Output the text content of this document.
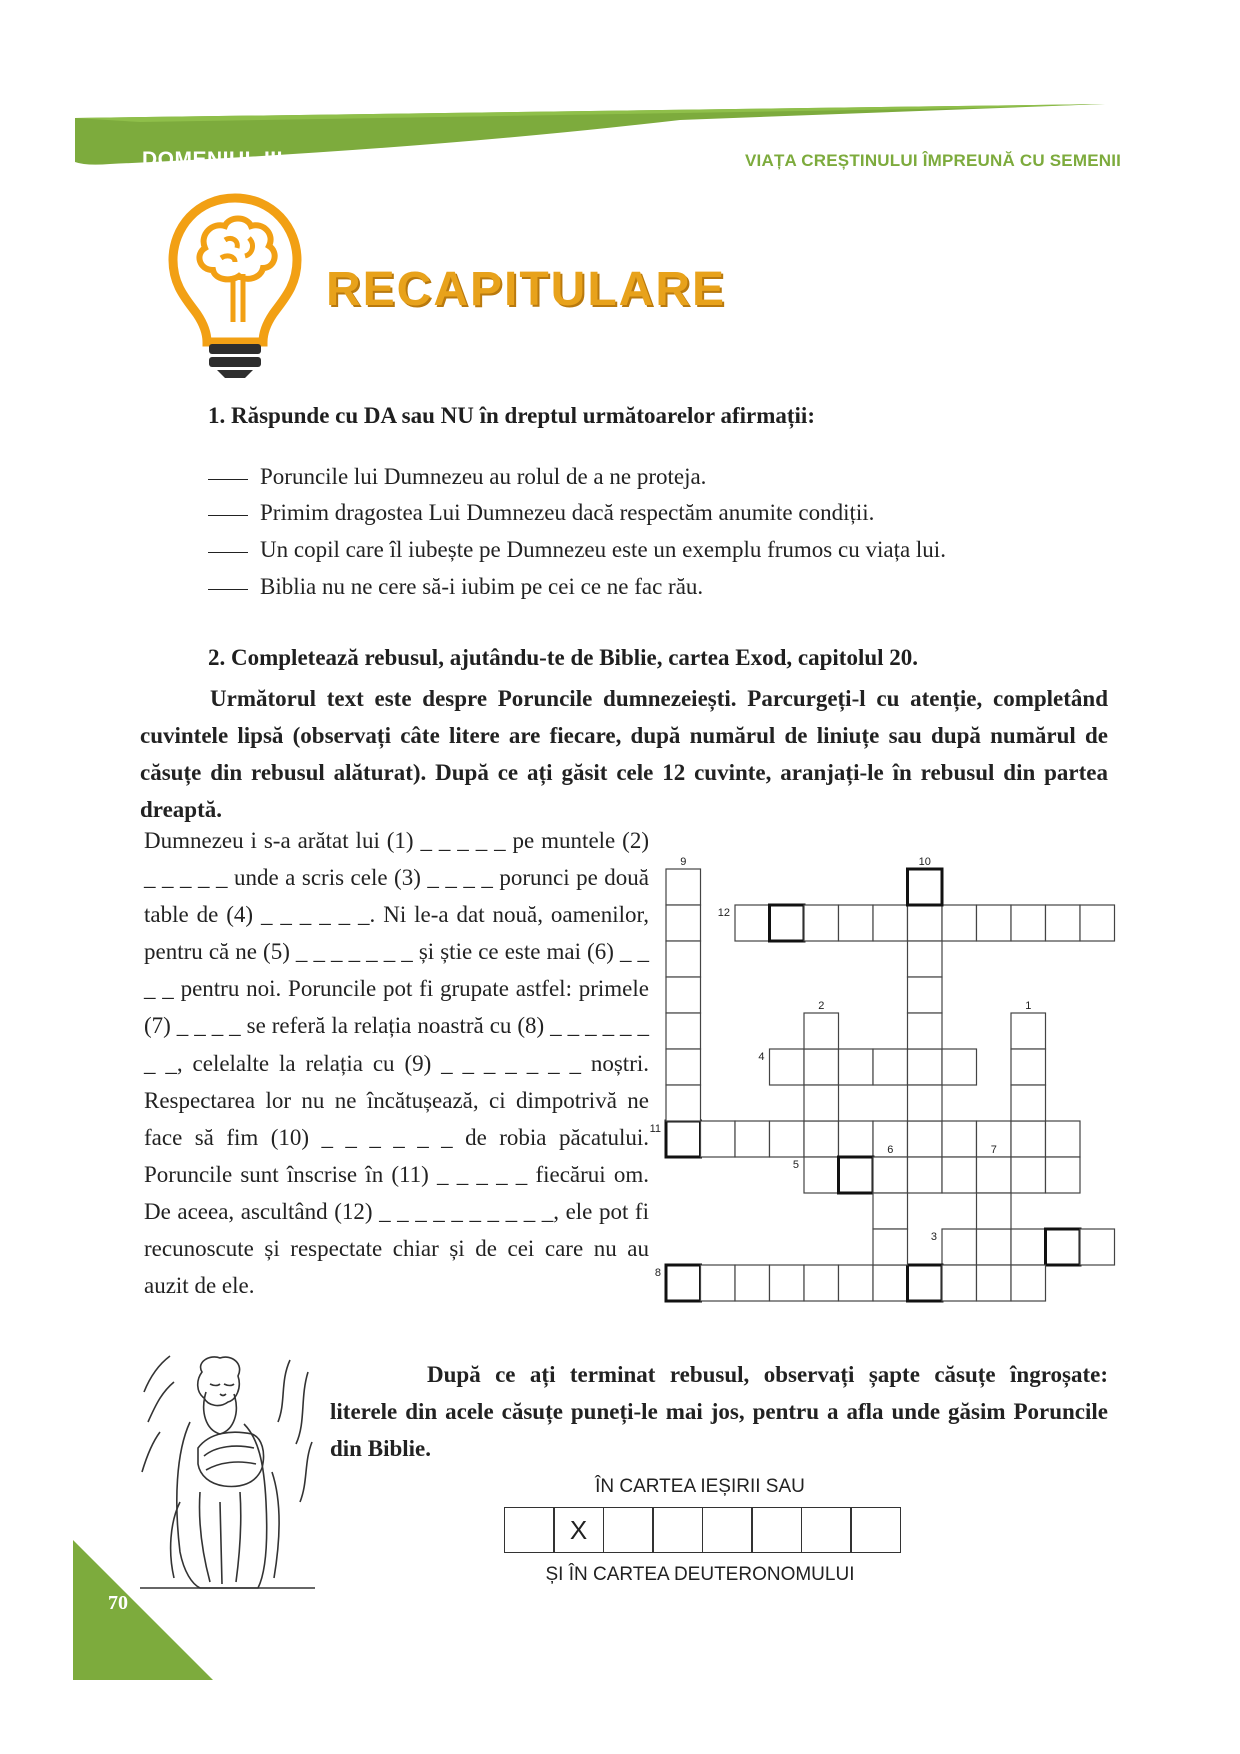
DOMENIUL III	VIAȚA CREȘTINULUI ÎMPREUNĂ CU SEMENII
RECAPITULARE
1. Răspunde cu DA sau NU în dreptul următoarelor afirmații:
Poruncile lui Dumnezeu au rolul de a ne proteja.
Primim dragostea Lui Dumnezeu dacă respectăm anumite condiții.
Un copil care îl iubește pe Dumnezeu este un exemplu frumos cu viața lui.
Biblia nu ne cere să-i iubim pe cei ce ne fac rău.
2. Completează rebusul, ajutându-te de Biblie, cartea Exod, capitolul 20.
Următorul text este despre Poruncile dumnezeiești. Parcurgeți-l cu atenție, completând cuvintele lipsă (observați câte litere are fiecare, după numărul de liniuțe sau după numărul de căsuțe din rebusul alăturat). După ce ați găsit cele 12 cuvinte, aranjați-le în rebusul din partea dreaptă.
Dumnezeu i s-a arătat lui (1) _ _ _ _ _ pe muntele (2) _ _ _ _ _ unde a scris cele (3) _ _ _ _ porunci pe două table de (4) _ _ _ _ _ _. Ni le-a dat nouă, oamenilor, pentru că ne (5) _ _ _ _ _ _ _ și știe ce este mai (6) _ _ _ _ pentru noi. Poruncile pot fi grupate astfel: primele (7) _ _ _ _ se referă la relația noastră cu (8) _ _ _ _ _ _ _ _, celelalte la relația cu (9) _ _ _ _ _ _ _ noștri. Respectarea lor nu ne încătușează, ci dimpotrivă ne face să fim (10) _ _ _ _ _ _ de robia păcatului. Poruncile sunt înscrise în (11) _ _ _ _ _ fiecărui om. De aceea, ascultând (12) _ _ _ _ _ _ _ _ _ _, ele pot fi recunoscute și respectate chiar și de cei care nu au auzit de ele.
9	10
12
2	1
4
11
6	7
5
3
8
După ce ați terminat rebusul, observați șapte căsuțe îngroșate: literele din acele căsuțe puneți-le mai jos, pentru a afla unde găsim Poruncile din Biblie.
ÎN CARTEA IEȘIRII SAU
X
ȘI ÎN CARTEA DEUTERONOMULUI
70
